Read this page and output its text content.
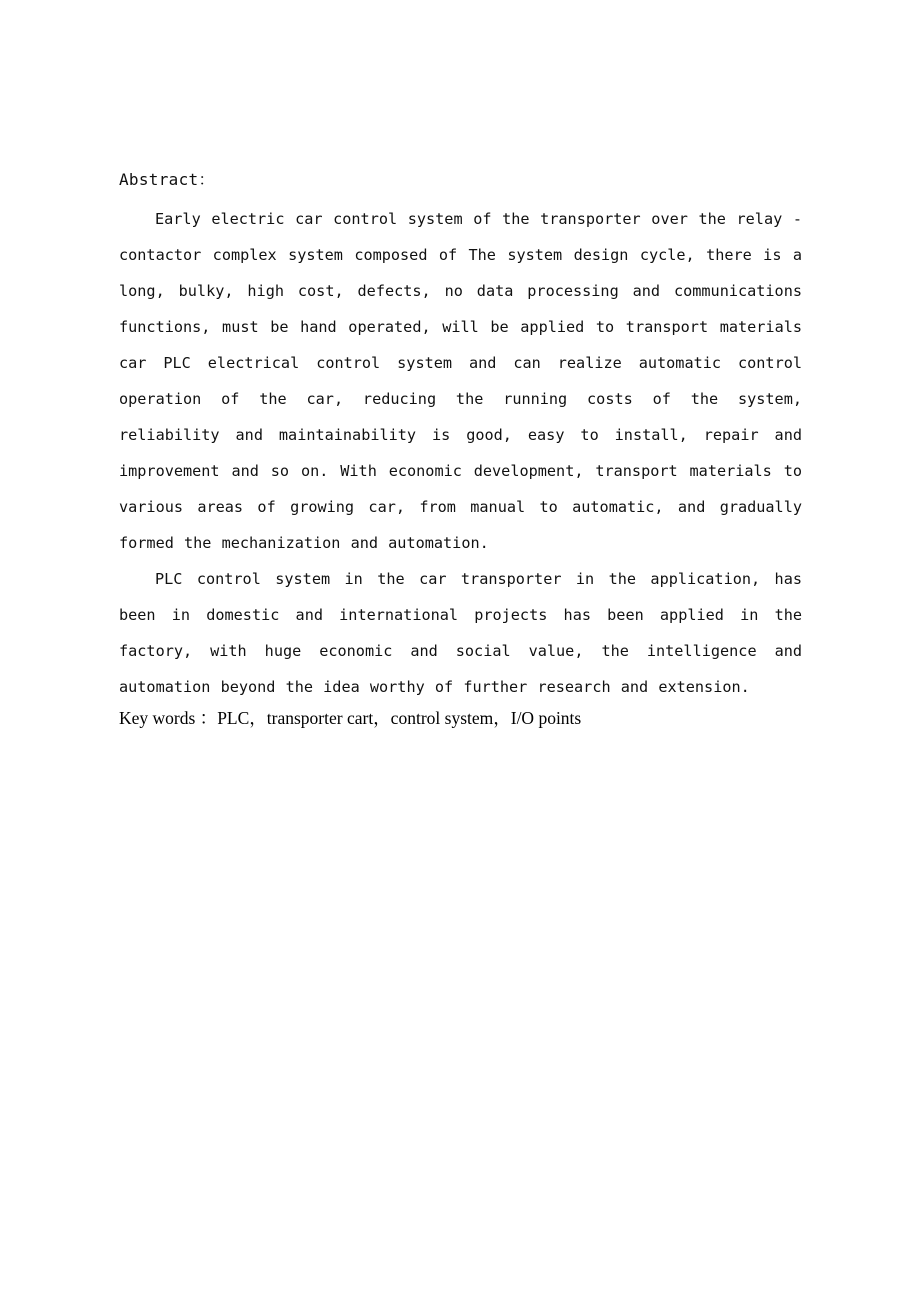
Abstract：

Early electric car control system of the transporter over the relay - contactor complex system composed of The system design cycle, there is a long, bulky, high cost, defects, no data processing and communications functions, must be hand operated, will be applied to transport materials car PLC electrical control system and can realize automatic control operation of the car, reducing the running costs of the system, reliability and maintainability is good, easy to install, repair and improvement and so on. With economic development, transport materials to various areas of growing car, from manual to automatic, and gradually formed the mechanization and automation.

PLC control system in the car transporter in the application, has been in domestic and international projects has been applied in the factory, with huge economic and social value, the intelligence and automation beyond the idea worthy of further research and extension.

Key words ：PLC，transporter cart，control system，I/O points
